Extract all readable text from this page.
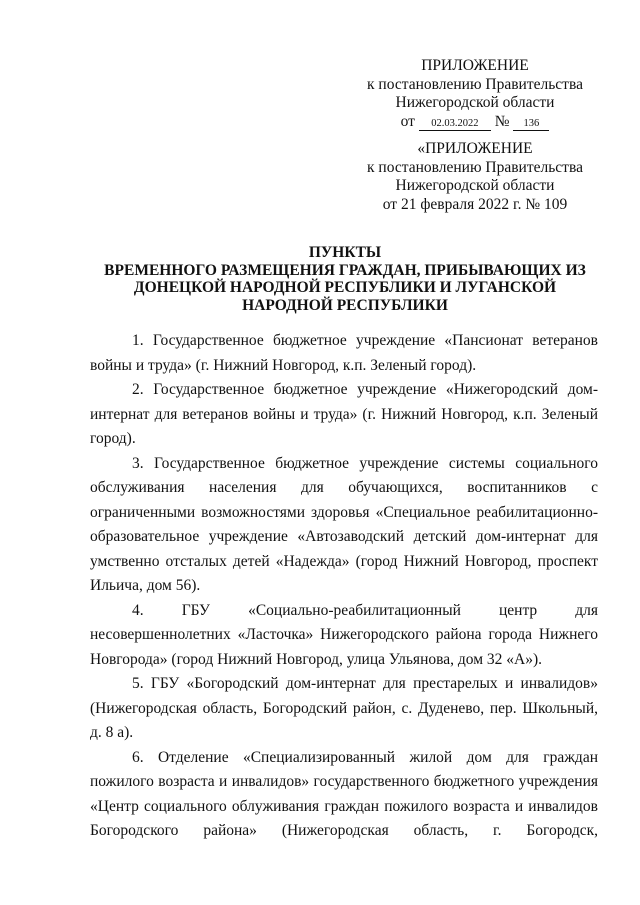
ПРИЛОЖЕНИЕ
к постановлению Правительства
Нижегородской области
от 02.03.2022 № 136
«ПРИЛОЖЕНИЕ
к постановлению Правительства
Нижегородской области
от 21 февраля 2022 г. № 109
ПУНКТЫ
ВРЕМЕННОГО РАЗМЕЩЕНИЯ ГРАЖДАН, ПРИБЫВАЮЩИХ ИЗ
ДОНЕЦКОЙ НАРОДНОЙ РЕСПУБЛИКИ И ЛУГАНСКОЙ
НАРОДНОЙ РЕСПУБЛИКИ

1. Государственное бюджетное учреждение «Пансионат ветеранов войны и труда» (г. Нижний Новгород, к.п. Зеленый город).

2. Государственное бюджетное учреждение «Нижегородский дом-интернат для ветеранов войны и труда» (г. Нижний Новгород, к.п. Зеленый город).

3. Государственное бюджетное учреждение системы социального обслуживания населения для обучающихся, воспитанников с ограниченными возможностями здоровья «Специальное реабилитационно-образовательное учреждение «Автозаводский детский дом-интернат для умственно отсталых детей «Надежда» (город Нижний Новгород, проспект Ильича, дом 56).

4. ГБУ «Социально-реабилитационный центр для несовершеннолетних «Ласточка» Нижегородского района города Нижнего Новгорода» (город Нижний Новгород, улица Ульянова, дом 32 «А»).

5. ГБУ «Богородский дом-интернат для престарелых и инвалидов» (Нижегородская область, Богородский район, с. Дуденево, пер. Школьный, д. 8 а).

6. Отделение «Специализированный жилой дом для граждан пожилого возраста и инвалидов» государственного бюджетного учреждения «Центр социального облуживания граждан пожилого возраста и инвалидов Богородского района» (Нижегородская область, г. Богородск,
